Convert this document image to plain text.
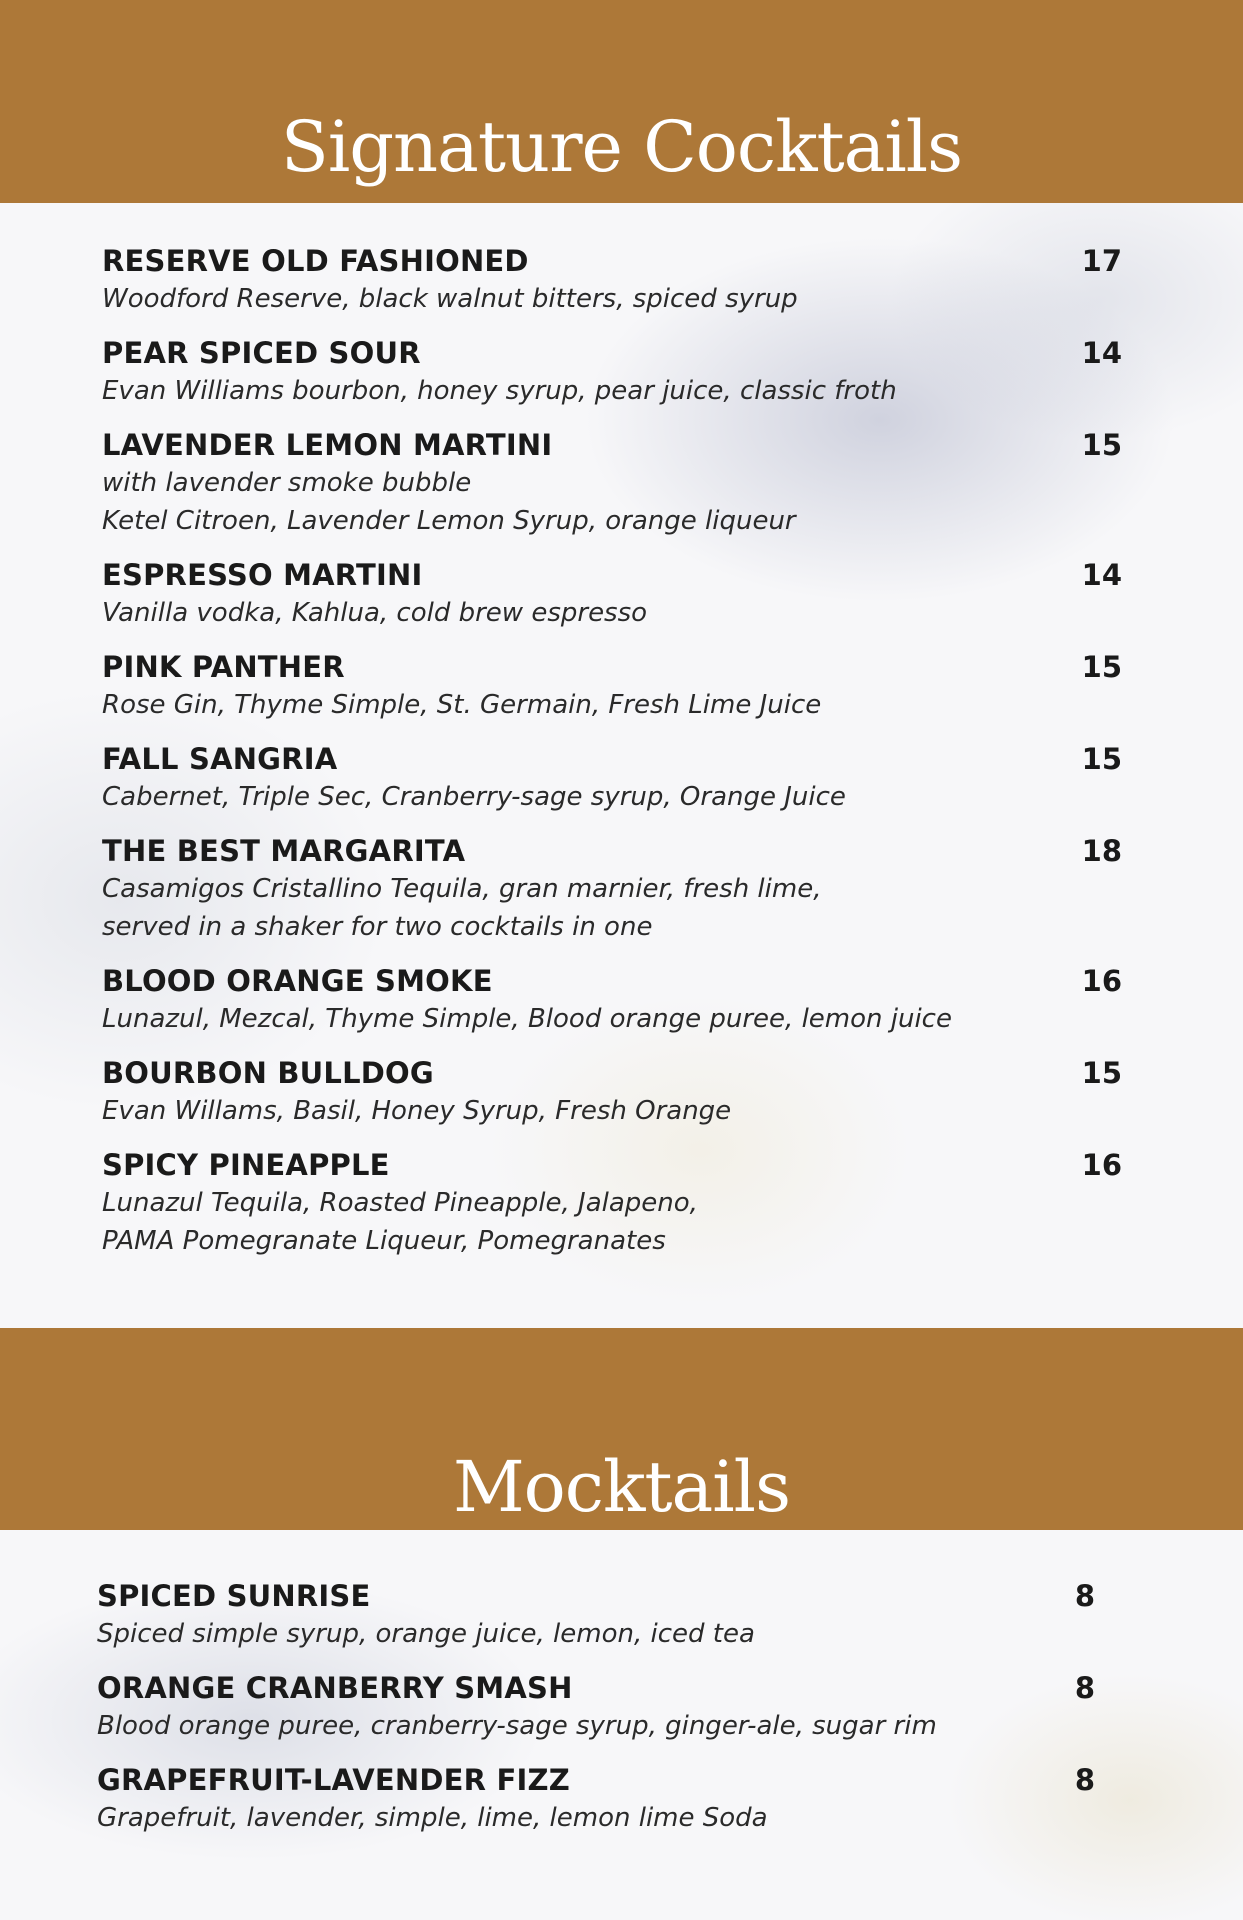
Signature Cocktails
RESERVE OLD FASHIONED	17
Woodford Reserve, black walnut bitters, spiced syrup
PEAR SPICED SOUR	14
Evan Williams bourbon, honey syrup, pear juice, classic froth
LAVENDER LEMON MARTINI	15
with lavender smoke bubble
Ketel Citroen, Lavender Lemon Syrup, orange liqueur
ESPRESSO MARTINI	14
Vanilla vodka, Kahlua, cold brew espresso
PINK PANTHER	15
Rose Gin, Thyme Simple, St. Germain, Fresh Lime Juice
FALL SANGRIA	15
Cabernet, Triple Sec, Cranberry-sage syrup, Orange Juice
THE BEST MARGARITA	18
Casamigos Cristallino Tequila, gran marnier, fresh lime,
served in a shaker for two cocktails in one
BLOOD ORANGE SMOKE	16
Lunazul, Mezcal, Thyme Simple, Blood orange puree, lemon juice
BOURBON BULLDOG	15
Evan Willams, Basil, Honey Syrup, Fresh Orange
SPICY PINEAPPLE	16
Lunazul Tequila, Roasted Pineapple, Jalapeno,
PAMA Pomegranate Liqueur, Pomegranates
Mocktails
SPICED SUNRISE	8
Spiced simple syrup, orange juice, lemon, iced tea
ORANGE CRANBERRY SMASH	8
Blood orange puree, cranberry-sage syrup, ginger-ale, sugar rim
GRAPEFRUIT-LAVENDER FIZZ	8
Grapefruit, lavender, simple, lime, lemon lime Soda
